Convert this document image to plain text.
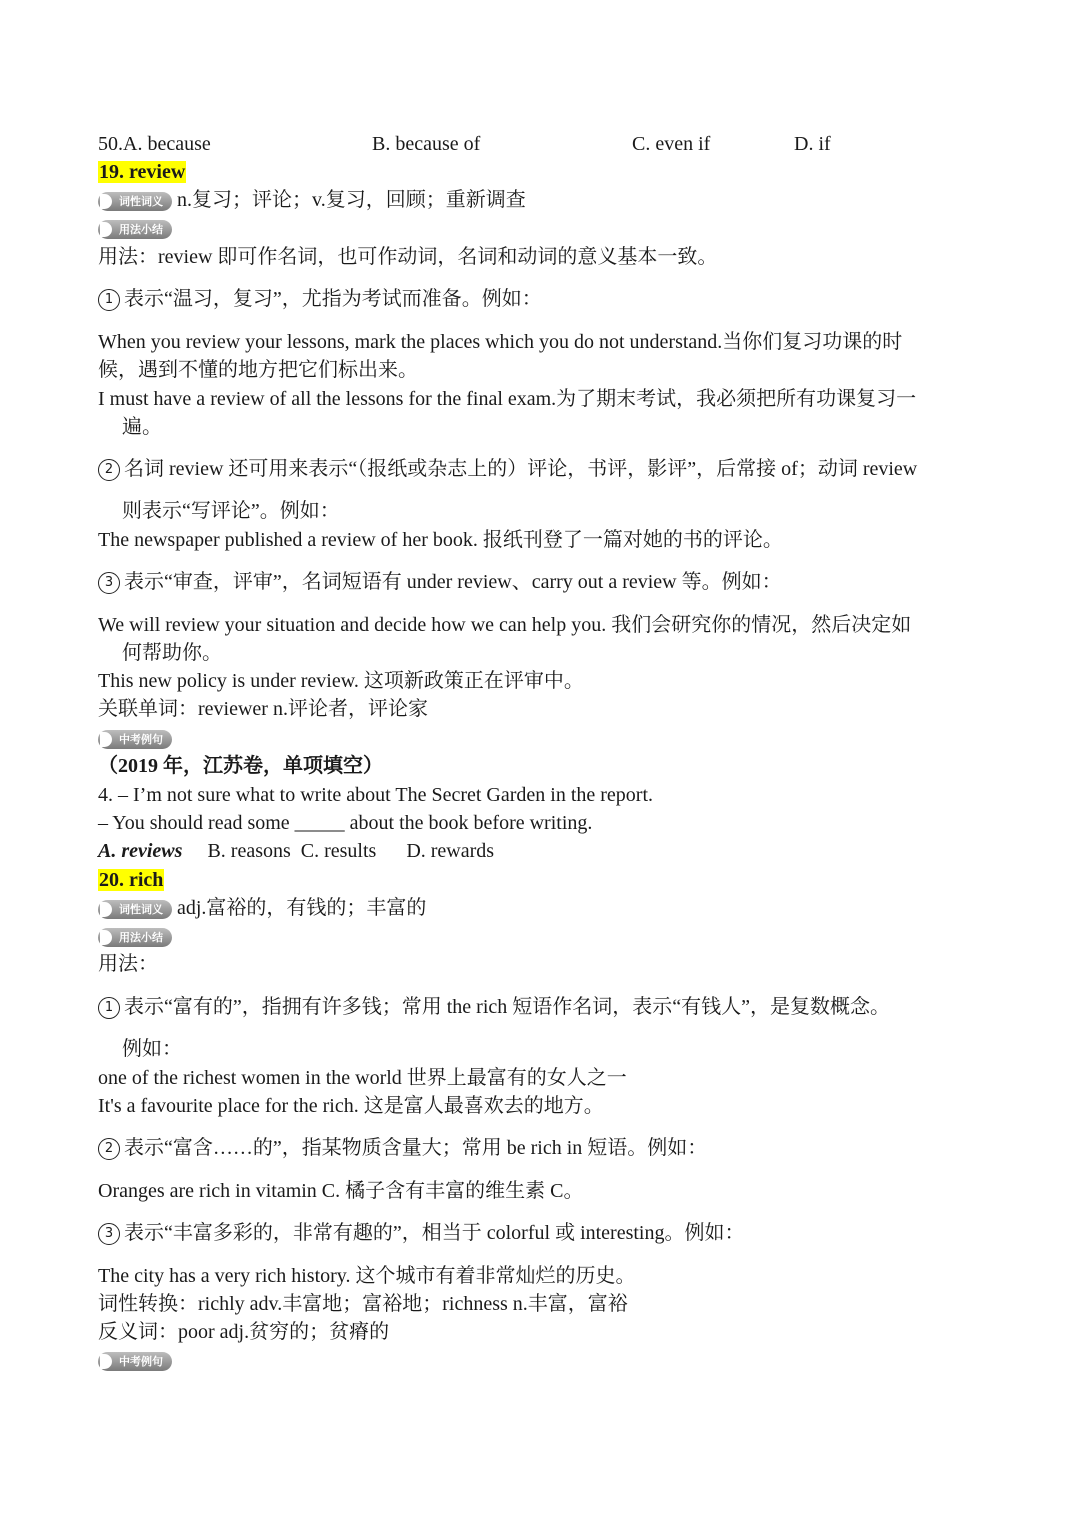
50.A. because	B. because of	C. even if	D. if
19. review
词性词义 n.复习；评论；v.复习，回顾；重新调查
用法小结
用法：review 即可作名词，也可作动词，名词和动词的意义基本一致。
1 表示“温习，复习”，尤指为考试而准备。例如：
When you review your lessons, mark the places which you do not understand.当你们复习功课的时
候，遇到不懂的地方把它们标出来。
I must have a review of all the lessons for the final exam.为了期末考试，我必须把所有功课复习一
遍。
2 名词 review 还可用来表示“（报纸或杂志上的）评论，书评，影评”，后常接 of；动词 review
则表示“写评论”。例如：
The newspaper published a review of her book. 报纸刊登了一篇对她的书的评论。
3 表示“审查，评审”，名词短语有 under review、carry out a review 等。例如：
We will review your situation and decide how we can help you. 我们会研究你的情况，然后决定如
何帮助你。
This new policy is under review. 这项新政策正在评审中。
关联单词：reviewer n.评论者，评论家
中考例句
（2019 年，江苏卷，单项填空）
4. – I’m not sure what to write about The Secret Garden in the report.
– You should read some _____ about the book before writing.
A. reviews     B. reasons  C. results      D. rewards
20. rich
词性词义 adj.富裕的，有钱的；丰富的
用法小结
用法：
1 表示“富有的”，指拥有许多钱；常用 the rich 短语作名词，表示“有钱人”，是复数概念。
例如：
one of the richest women in the world 世界上最富有的女人之一
It's a favourite place for the rich. 这是富人最喜欢去的地方。
2 表示“富含……的”，指某物质含量大；常用 be rich in 短语。例如：
Oranges are rich in vitamin C. 橘子含有丰富的维生素 C。
3 表示“丰富多彩的，非常有趣的”，相当于 colorful 或 interesting。例如：
The city has a very rich history. 这个城市有着非常灿烂的历史。
词性转换：richly adv.丰富地；富裕地；richness n.丰富，富裕
反义词：poor adj.贫穷的；贫瘠的
中考例句
